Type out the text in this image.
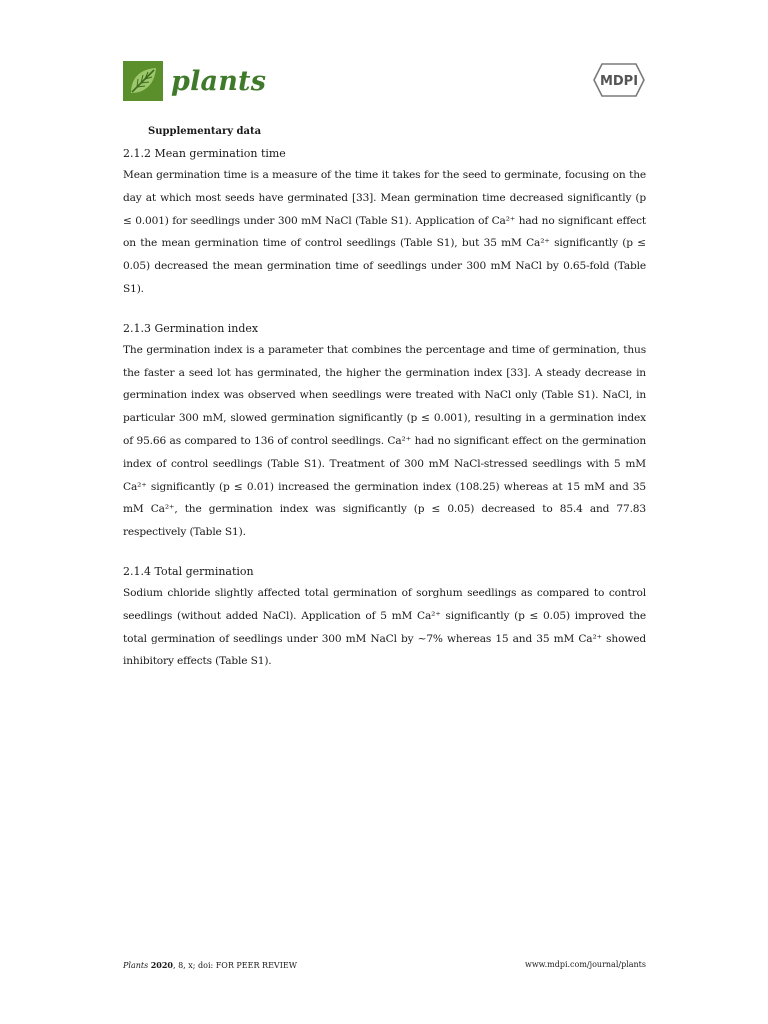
plants	MDPI
Supplementary data

2.1.2 Mean germination time

Mean germination time is a measure of the time it takes for the seed to germinate, focusing on the day at which most seeds have germinated [33]. Mean germination time decreased significantly (p ≤ 0.001) for seedlings under 300 mM NaCl (Table S1). Application of Ca²⁺ had no significant effect on the mean germination time of control seedlings (Table S1), but 35 mM Ca²⁺ significantly (p ≤ 0.05) decreased the mean germination time of seedlings under 300 mM NaCl by 0.65-fold (Table S1).

2.1.3 Germination index

The germination index is a parameter that combines the percentage and time of germination, thus the faster a seed lot has germinated, the higher the germination index [33]. A steady decrease in germination index was observed when seedlings were treated with NaCl only (Table S1). NaCl, in particular 300 mM, slowed germination significantly (p ≤ 0.001), resulting in a germination index of 95.66 as compared to 136 of control seedlings. Ca²⁺ had no significant effect on the germination index of control seedlings (Table S1). Treatment of 300 mM NaCl-stressed seedlings with 5 mM Ca²⁺ significantly (p ≤ 0.01) increased the germination index (108.25) whereas at 15 mM and 35 mM Ca²⁺, the germination index was significantly (p ≤ 0.05) decreased to 85.4 and 77.83 respectively (Table S1).

2.1.4 Total germination

Sodium chloride slightly affected total germination of sorghum seedlings as compared to control seedlings (without added NaCl). Application of 5 mM Ca²⁺ significantly (p ≤ 0.05) improved the total germination of seedlings under 300 mM NaCl by ~7% whereas 15 and 35 mM Ca²⁺ showed inhibitory effects (Table S1).

Plants 2020, 8, x; doi: FOR PEER REVIEW	www.mdpi.com/journal/plants
